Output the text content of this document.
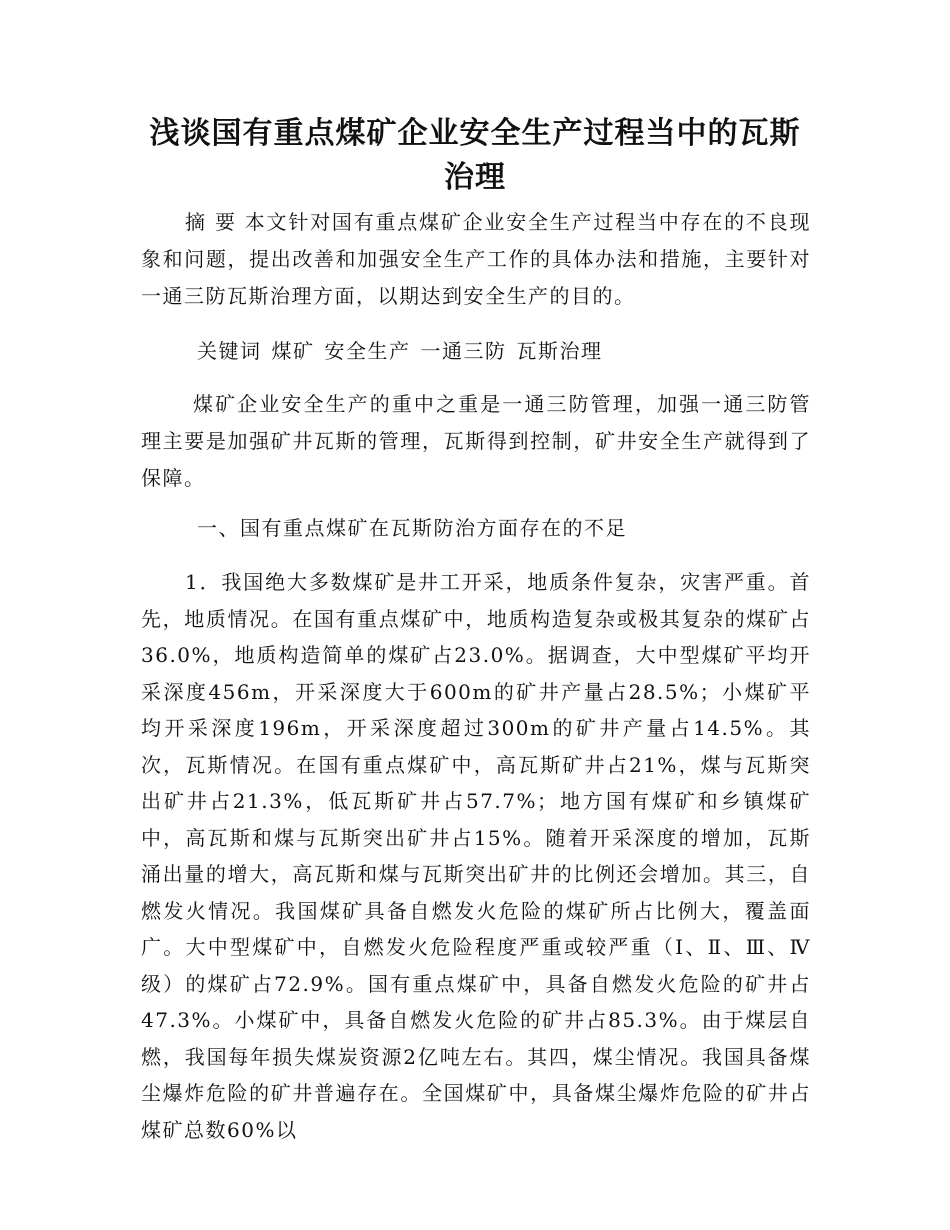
浅谈国有重点煤矿企业安全生产过程当中的瓦斯
治理

摘 要 本文针对国有重点煤矿企业安全生产过程当中存在的不良现象和问题，提出改善和加强安全生产工作的具体办法和措施，主要针对一通三防瓦斯治理方面，以期达到安全生产的目的。

关键词 煤矿 安全生产 一通三防 瓦斯治理

煤矿企业安全生产的重中之重是一通三防管理，加强一通三防管理主要是加强矿井瓦斯的管理，瓦斯得到控制，矿井安全生产就得到了保障。

一、国有重点煤矿在瓦斯防治方面存在的不足

1．我国绝大多数煤矿是井工开采，地质条件复杂，灾害严重。首先，地质情况。在国有重点煤矿中，地质构造复杂或极其复杂的煤矿占36.0%，地质构造简单的煤矿占23.0%。据调查，大中型煤矿平均开采深度456m，开采深度大于600m的矿井产量占28.5%；小煤矿平均开采深度196m，开采深度超过300m的矿井产量占14.5%。其次，瓦斯情况。在国有重点煤矿中，高瓦斯矿井占21%，煤与瓦斯突出矿井占21.3%，低瓦斯矿井占57.7%；地方国有煤矿和乡镇煤矿中，高瓦斯和煤与瓦斯突出矿井占15%。随着开采深度的增加，瓦斯涌出量的增大，高瓦斯和煤与瓦斯突出矿井的比例还会增加。其三，自燃发火情况。我国煤矿具备自燃发火危险的煤矿所占比例大，覆盖面广。大中型煤矿中，自燃发火危险程度严重或较严重（Ⅰ、Ⅱ、Ⅲ、Ⅳ级）的煤矿占72.9%。国有重点煤矿中，具备自燃发火危险的矿井占47.3%。小煤矿中，具备自燃发火危险的矿井占85.3%。由于煤层自燃，我国每年损失煤炭资源2亿吨左右。其四，煤尘情况。我国具备煤尘爆炸危险的矿井普遍存在。全国煤矿中，具备煤尘爆炸危险的矿井占煤矿总数60%以
